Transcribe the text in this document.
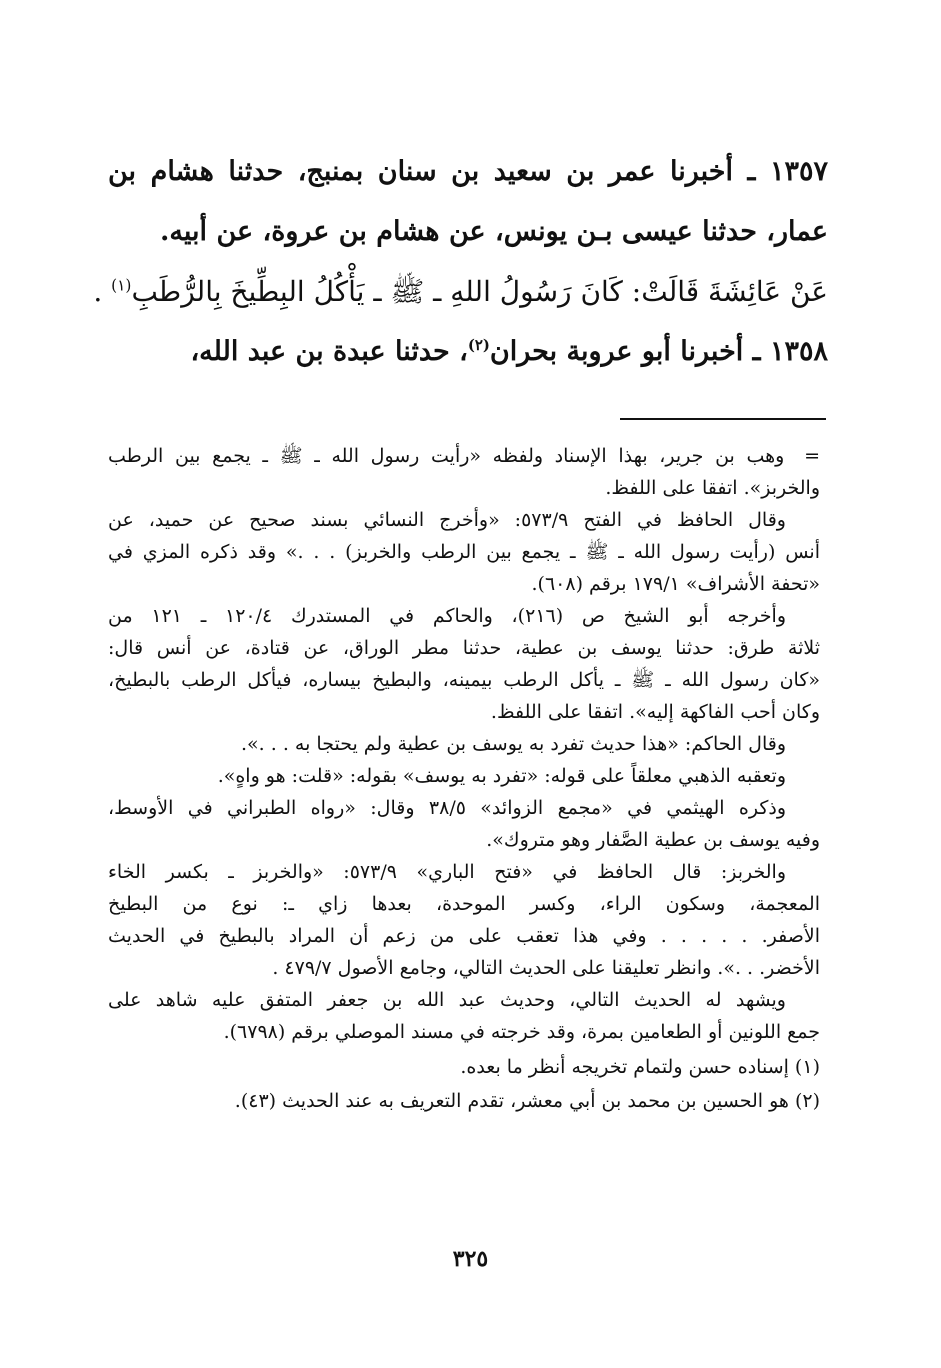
١٣٥٧ ـ أخبرنا عمر بن سعيد بن سنان بمنبج، حدثنا هشام بن
عمار، حدثنا عيسى بـن يونس، عن هشام بن عروة، عن أبيه.
عَنْ عَائِشَةَ قَالَتْ: كَانَ رَسُولُ اللهِ ـ ﷺ ـ يَأْكُلُ البِطِّيخَ بِالرُّطَبِ$^{(١)}$ .
١٣٥٨ ـ أخبرنا أبو عروبة بحران$^{(٢)}$، حدثنا عبدة بن عبد الله،
= وهب بن جرير، بهذا الإسناد ولفظه «رأيت رسول الله ـ ﷺ ـ يجمع بين الرطب
والخربز». اتفقا على اللفظ.
وقال الحافظ في الفتح ٥٧٣/٩: «وأخرج النسائي بسند صحيح عن حميد، عن
أنس (رأيت رسول الله ـ ﷺ ـ يجمع بين الرطب والخربز) . . .» وقد ذكره المزي في
«تحفة الأشراف» ١٧٩/١ برقم (٦٠٨).
وأخرجه أبو الشيخ ص (٢١٦)، والحاكم في المستدرك ١٢٠/٤ ـ ١٢١ من
ثلاثة طرق: حدثنا يوسف بن عطية، حدثنا مطر الوراق، عن قتادة، عن أنس قال:
«كان رسول الله ـ ﷺ ـ يأكل الرطب بيمينه، والبطيخ بيساره، فيأكل الرطب بالبطيخ،
وكان أحب الفاكهة إليه». اتفقا على اللفظ.
وقال الحاكم: «هذا حديث تفرد به يوسف بن عطية ولم يحتجا به . . .».
وتعقبه الذهبي معلقاً على قوله: «تفرد به يوسف» بقوله: «قلت: هو واهٍ».
وذكره الهيثمي في «مجمع الزوائد» ٣٨/٥ وقال: «رواه الطبراني في الأوسط،
وفيه يوسف بن عطية الصَّفار وهو متروك».
والخربز: قال الحافظ في «فتح الباري» ٥٧٣/٩: «والخربز ـ بكسر الخاء
المعجمة، وسكون الراء، وكسر الموحدة، بعدها زاي ـ: نوع من البطيخ
الأصفر. . . . . . وفي هذا تعقب على من زعم أن المراد بالبطيخ في الحديث
الأخضر. . .». وانظر تعليقنا على الحديث التالي، وجامع الأصول ٤٧٩/٧ .
ويشهد له الحديث التالي، وحديث عبد الله بن جعفر المتفق عليه شاهد على
جمع اللونين أو الطعامين بمرة، وقد خرجته في مسند الموصلي برقم (٦٧٩٨).
(١) إسناده حسن ولتمام تخريجه أنظر ما بعده.
(٢) هو الحسين بن محمد بن أبي معشر، تقدم التعريف به عند الحديث (٤٣).
٣٢٥
